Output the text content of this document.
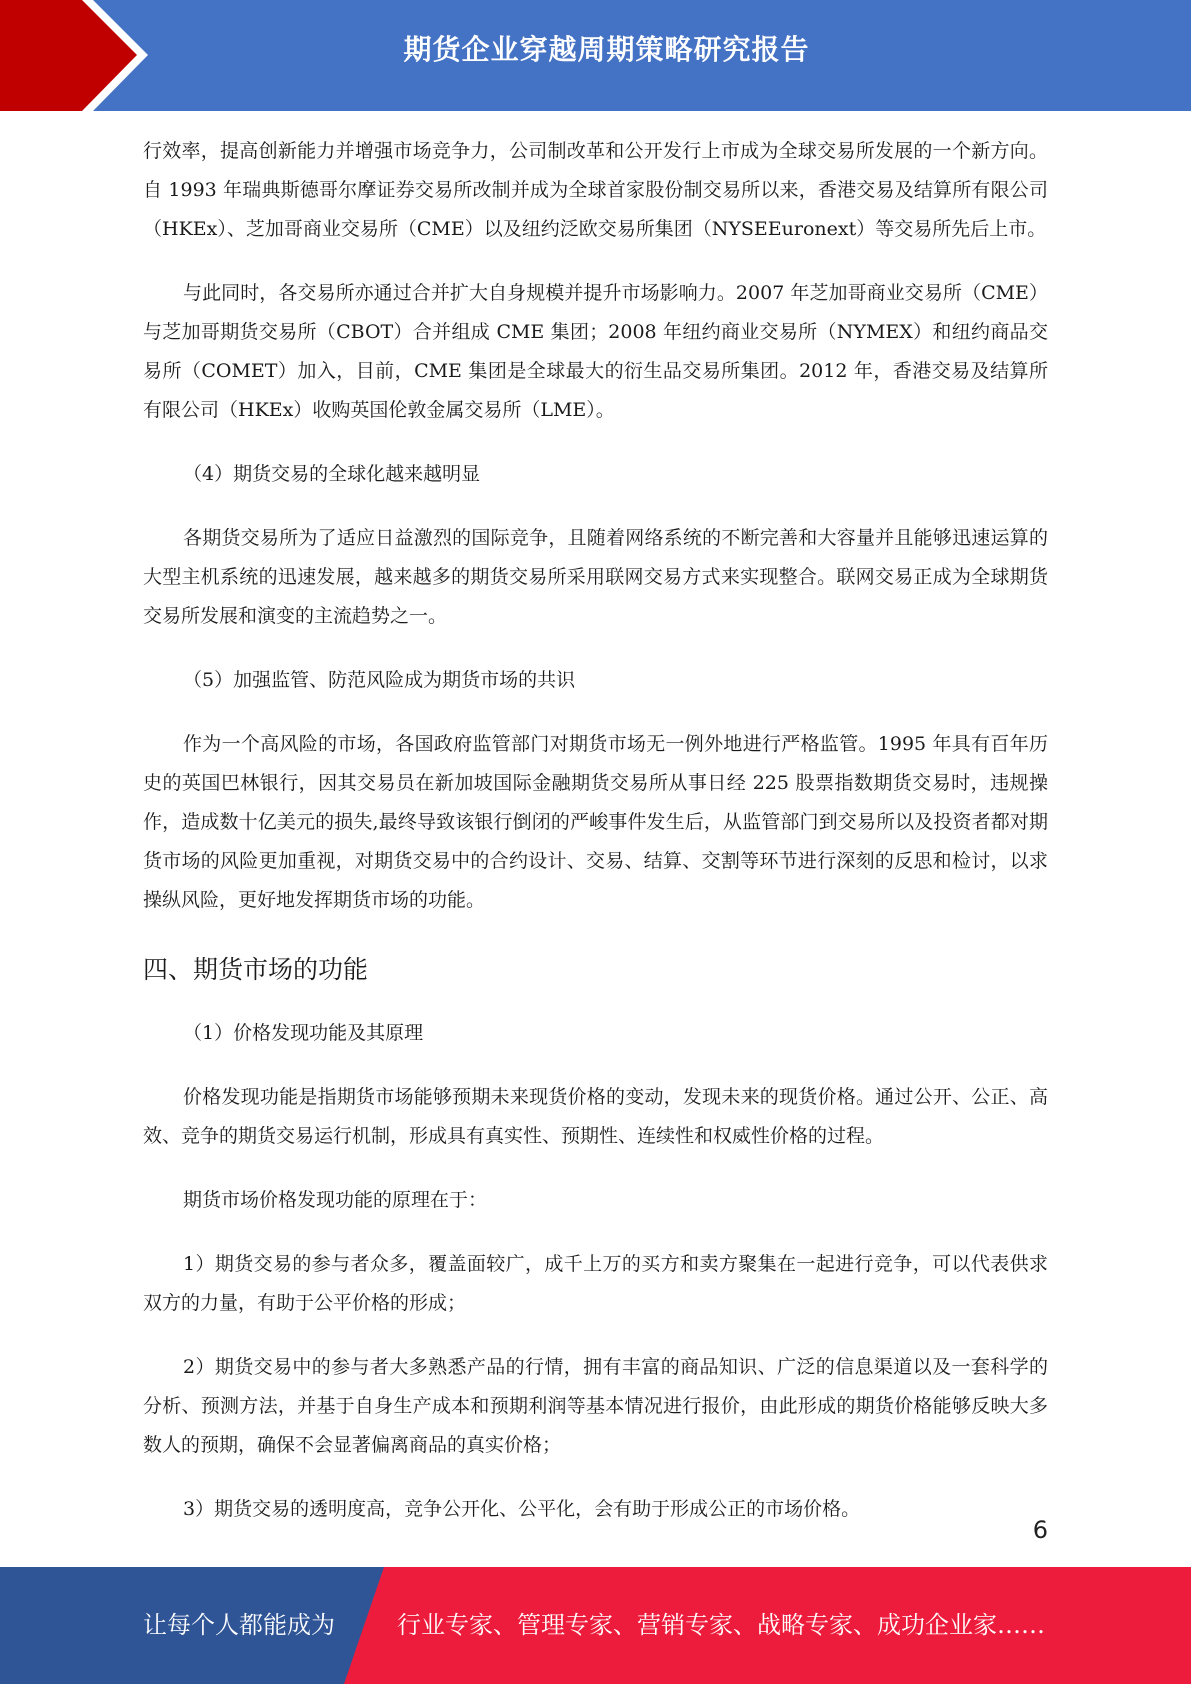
期货企业穿越周期策略研究报告

行效率，提高创新能力并增强市场竞争力，公司制改革和公开发行上市成为全球交易所发展的一个新方向。自 1993 年瑞典斯德哥尔摩证券交易所改制并成为全球首家股份制交易所以来，香港交易及结算所有限公司（HKEx）、芝加哥商业交易所（CME）以及纽约泛欧交易所集团（NYSEEuronext）等交易所先后上市。

与此同时，各交易所亦通过合并扩大自身规模并提升市场影响力。2007 年芝加哥商业交易所（CME）与芝加哥期货交易所（CBOT）合并组成 CME 集团；2008 年纽约商业交易所（NYMEX）和纽约商品交易所（COMET）加入，目前，CME 集团是全球最大的衍生品交易所集团。2012 年，香港交易及结算所有限公司（HKEx）收购英国伦敦金属交易所（LME）。

（4）期货交易的全球化越来越明显

各期货交易所为了适应日益激烈的国际竞争，且随着网络系统的不断完善和大容量并且能够迅速运算的大型主机系统的迅速发展，越来越多的期货交易所采用联网交易方式来实现整合。联网交易正成为全球期货交易所发展和演变的主流趋势之一。

（5）加强监管、防范风险成为期货市场的共识

作为一个高风险的市场，各国政府监管部门对期货市场无一例外地进行严格监管。1995 年具有百年历史的英国巴林银行，因其交易员在新加坡国际金融期货交易所从事日经 225 股票指数期货交易时，违规操作，造成数十亿美元的损失,最终导致该银行倒闭的严峻事件发生后，从监管部门到交易所以及投资者都对期货市场的风险更加重视，对期货交易中的合约设计、交易、结算、交割等环节进行深刻的反思和检讨，以求操纵风险，更好地发挥期货市场的功能。

四、期货市场的功能

（1）价格发现功能及其原理

价格发现功能是指期货市场能够预期未来现货价格的变动，发现未来的现货价格。通过公开、公正、高效、竞争的期货交易运行机制，形成具有真实性、预期性、连续性和权威性价格的过程。

期货市场价格发现功能的原理在于：

1）期货交易的参与者众多，覆盖面较广，成千上万的买方和卖方聚集在一起进行竞争，可以代表供求双方的力量，有助于公平价格的形成；

2）期货交易中的参与者大多熟悉产品的行情，拥有丰富的商品知识、广泛的信息渠道以及一套科学的分析、预测方法，并基于自身生产成本和预期利润等基本情况进行报价，由此形成的期货价格能够反映大多数人的预期，确保不会显著偏离商品的真实价格；

3）期货交易的透明度高，竞争公开化、公平化，会有助于形成公正的市场价格。

6
让每个人都能成为	行业专家、管理专家、营销专家、战略专家、成功企业家……
